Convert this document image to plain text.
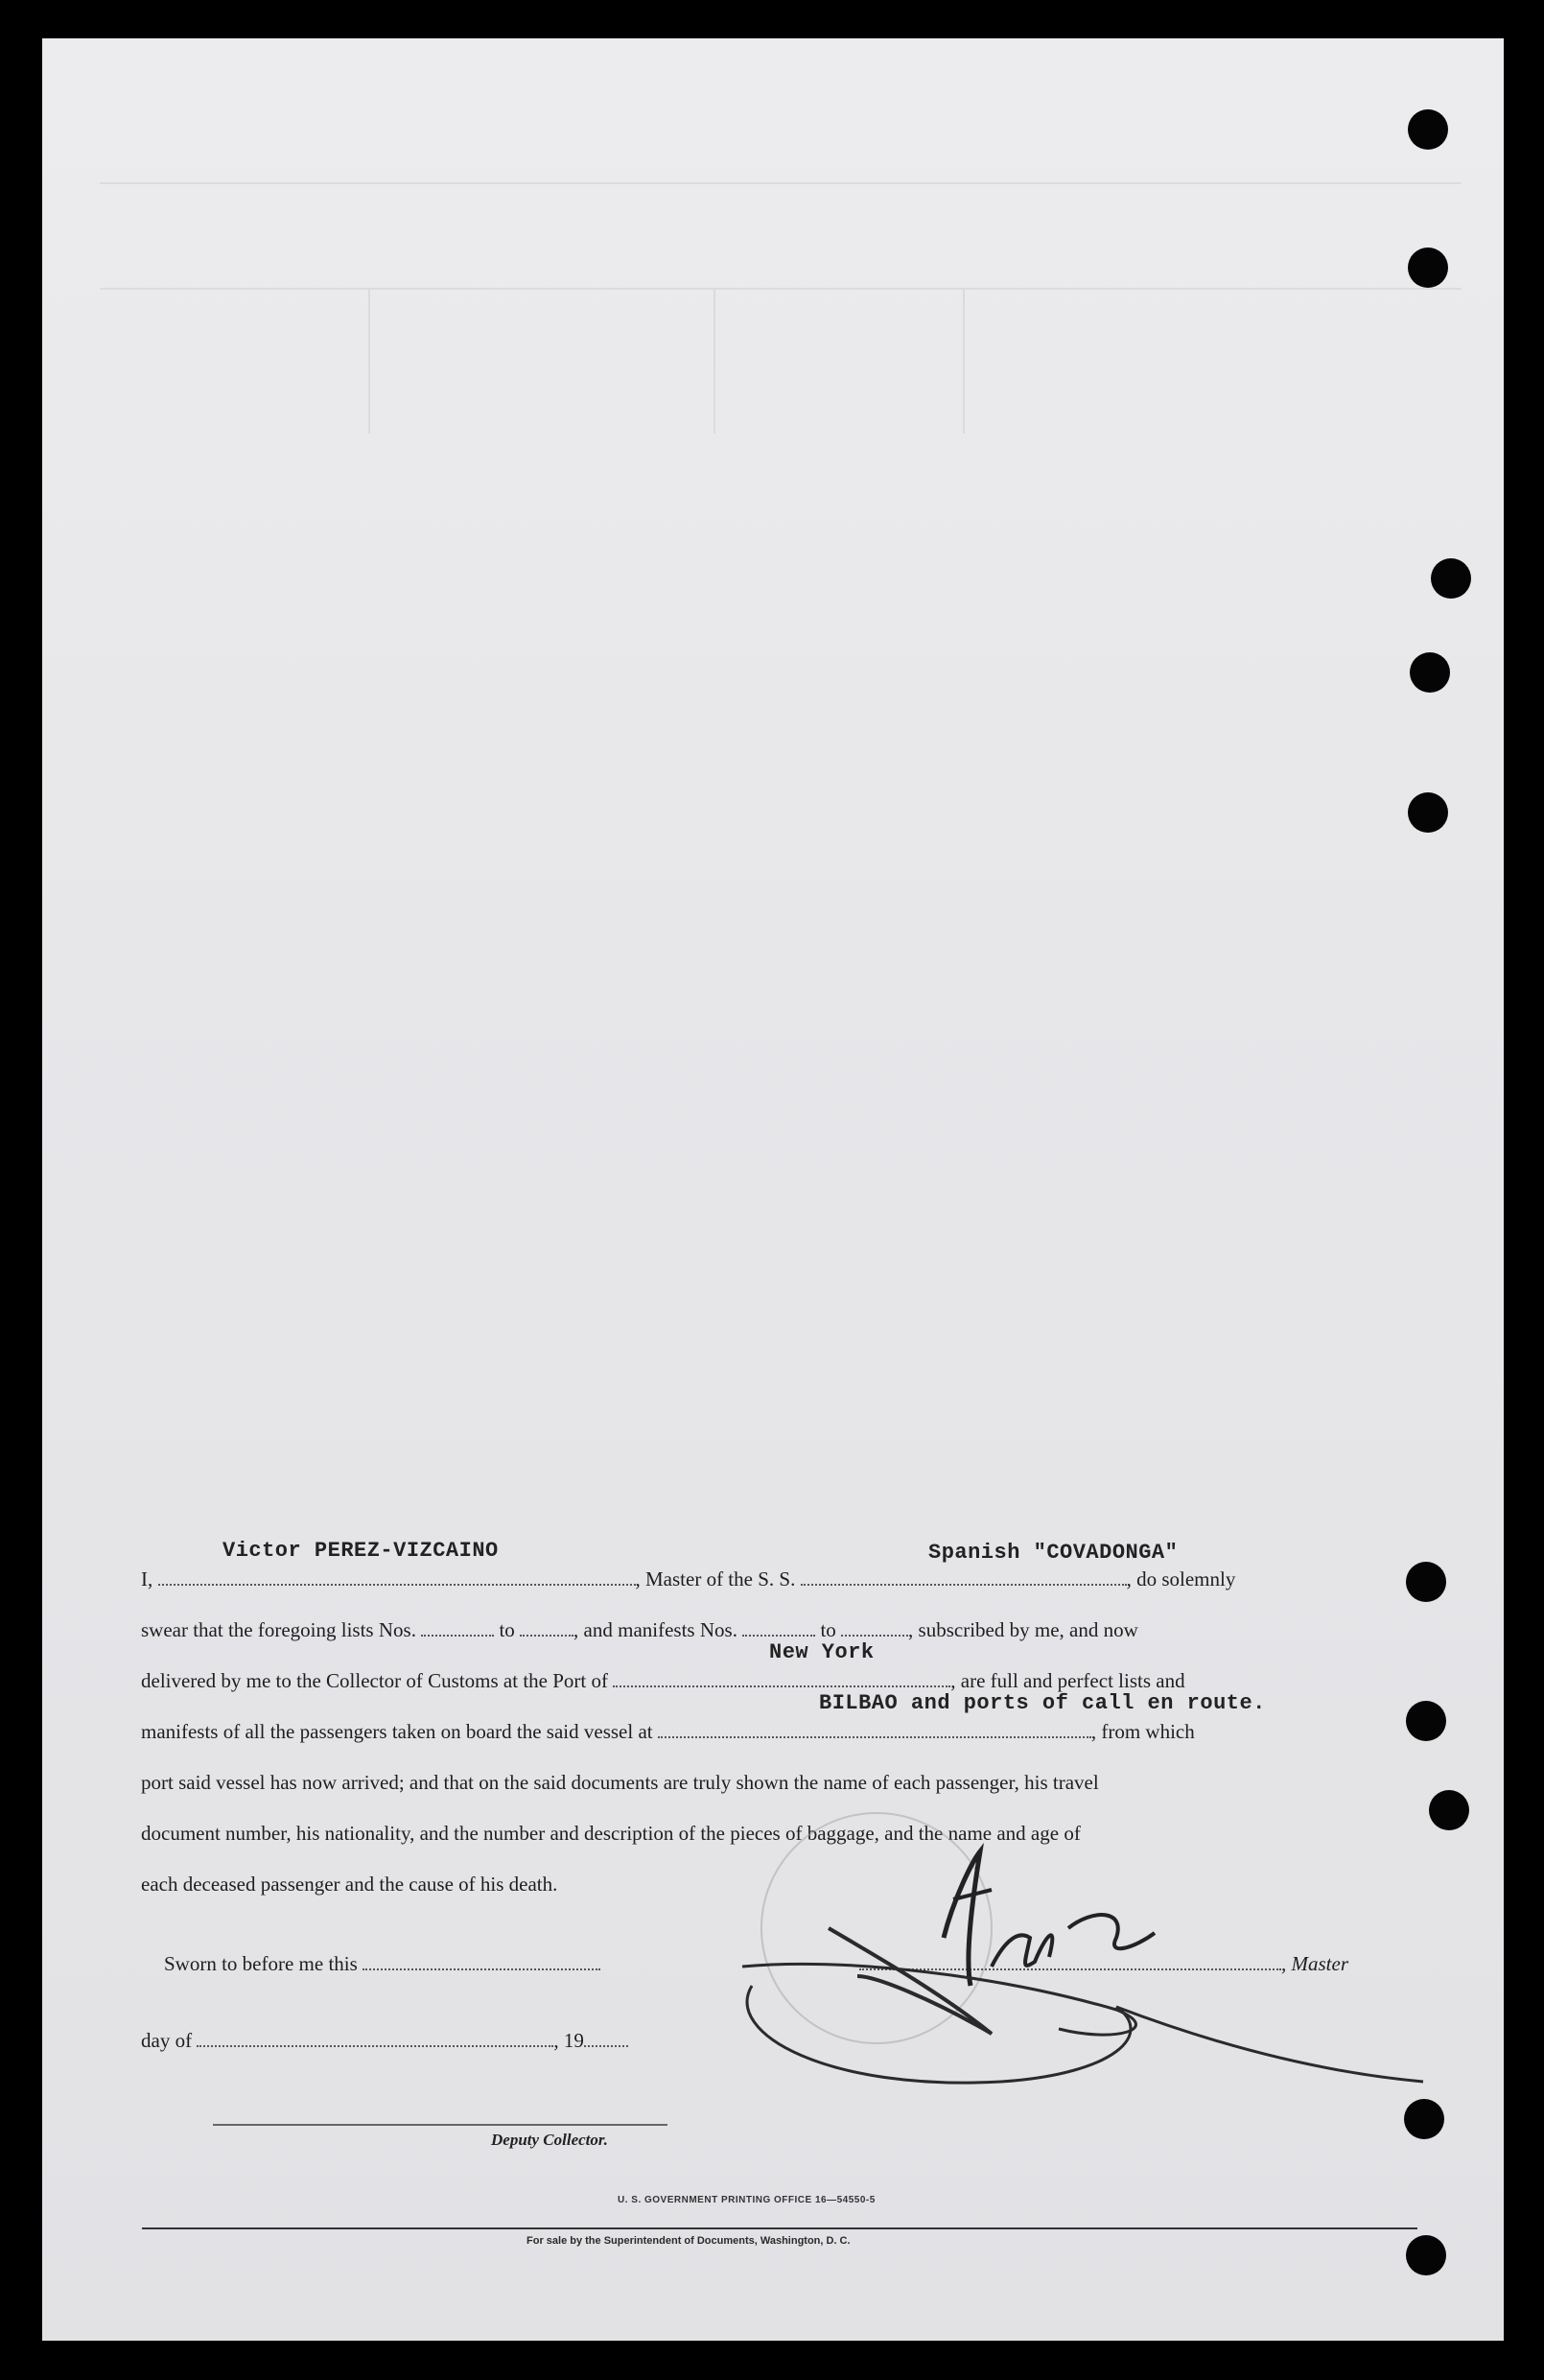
Victor PEREZ-VIZCAINO	Spanish "COVADONGA"
I,	, Master of the S. S.	, do solemnly
swear that the foregoing lists Nos.	to	, and manifests Nos.	to	, subscribed by me, and now
New York
delivered by me to the Collector of Customs at the Port of	, are full and perfect lists and
BILBAO and ports of call en route.
manifests of all the passengers taken on board the said vessel at	, from which
port said vessel has now arrived; and that on the said documents are truly shown the name of each passenger, his travel
document number, his nationality, and the number and description of the pieces of baggage, and the name and age of
each deceased passenger and the cause of his death.
Sworn to before me this	, Master
day of	, 19
Deputy Collector.
U. S. GOVERNMENT PRINTING OFFICE 16—54550-5
For sale by the Superintendent of Documents, Washington, D. C.
